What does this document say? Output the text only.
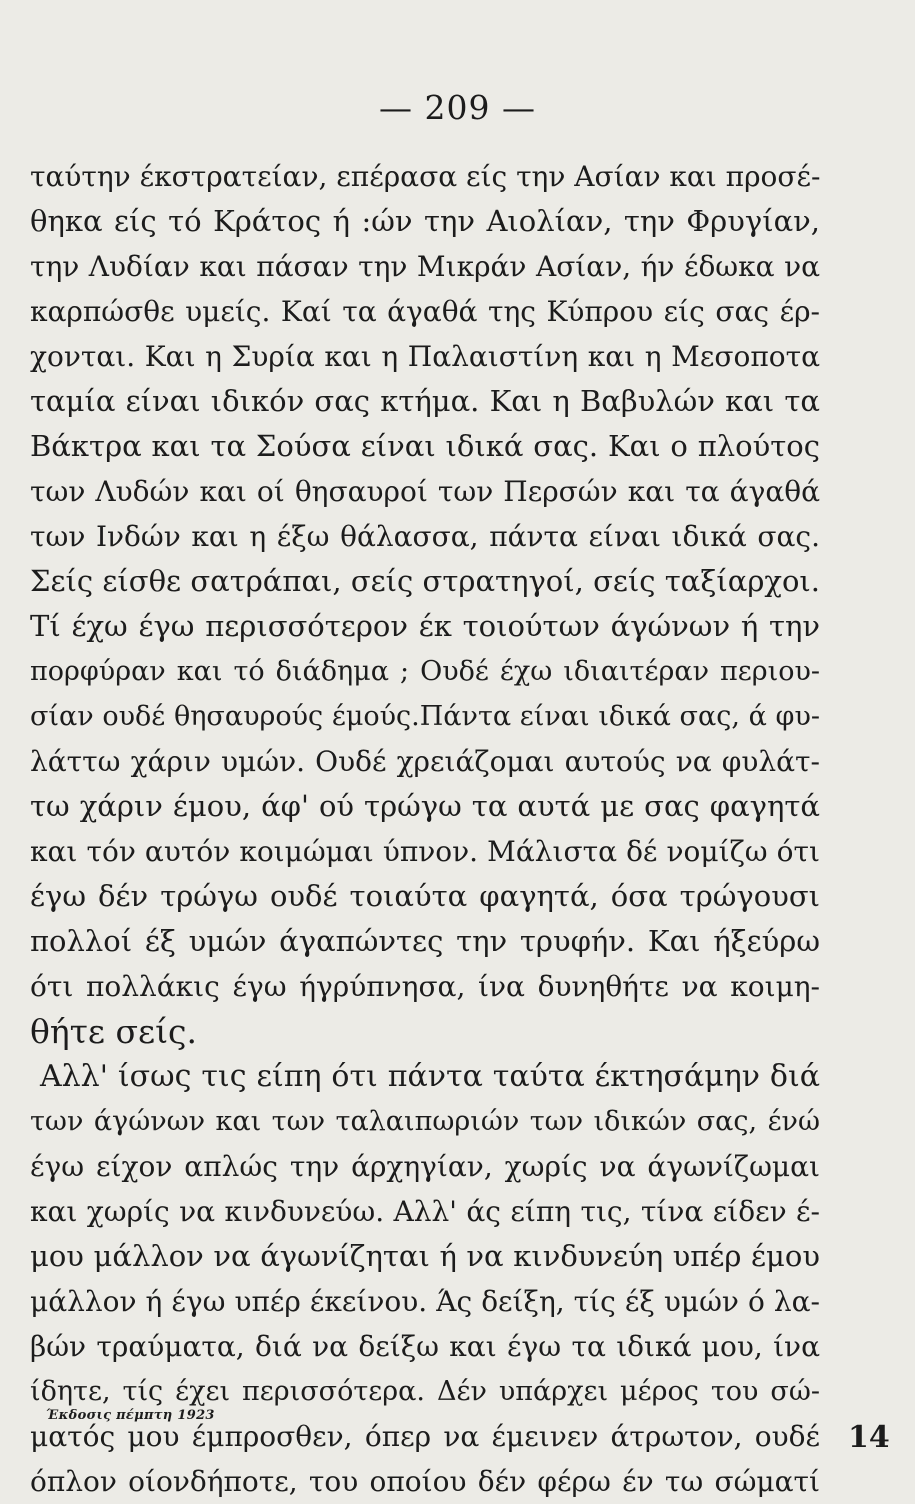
— 209 —
ταύτην έκστρατείαν, επέρασα είς την Ασίαν και προσέ-
θηκα είς τό Κράτος ή :ών την Αιολίαν, την Φρυγίαν,
την Λυδίαν και πάσαν την Μικράν Ασίαν, ήν έδωκα να
καρπώσθε υμείς. Καί τα άγαθά της Κύπρου είς σας έρ-
χονται. Και η Συρία και η Παλαιστίνη και η Μεσοποτα
ταμία είναι ιδικόν σας κτήμα. Και η Βαβυλών και τα
Βάκτρα και τα Σούσα είναι ιδικά σας. Και ο πλούτος
των Λυδών και οί θησαυροί των Περσών και τα άγαθά
των Ινδών και η έξω θάλασσα, πάντα είναι ιδικά σας.
Σείς είσθε σατράπαι, σείς στρατηγοί, σείς ταξίαρχοι.
Τί έχω έγω περισσότερον έκ τοιούτων άγώνων ή την
πορφύραν και τό διάδημα ; Ουδέ έχω ιδιαιτέραν περιου-
σίαν ουδέ θησαυρούς έμούς.Πάντα είναι ιδικά σας, ά φυ-
λάττω χάριν υμών. Ουδέ χρειάζομαι αυτούς να φυλάτ-
τω χάριν έμου, άφ' ού τρώγω τα αυτά με σας φαγητά
και τόν αυτόν κοιμώμαι ύπνον. Μάλιστα δέ νομίζω ότι
έγω δέν τρώγω ουδέ τοιαύτα φαγητά, όσα τρώγουσι
πολλοί έξ υμών άγαπώντες την τρυφήν. Και ήξεύρω
ότι πολλάκις έγω ήγρύπνησα, ίνα δυνηθήτε να κοιμη-
θήτε σείς.
Αλλ' ίσως τις είπη ότι πάντα ταύτα έκτησάμην διά
των άγώνων και των ταλαιπωριών των ιδικών σας, ένώ
έγω είχον απλώς την άρχηγίαν, χωρίς να άγωνίζωμαι
και χωρίς να κινδυνεύω. Αλλ' άς είπη τις, τίνα είδεν έ-
μου μάλλον να άγωνίζηται ή να κινδυνεύη υπέρ έμου
μάλλον ή έγω υπέρ έκείνου. Άς δείξη, τίς έξ υμών ό λα-
βών τραύματα, διά να δείξω και έγω τα ιδικά μου, ίνα
ίδητε, τίς έχει περισσότερα. Δέν υπάρχει μέρος του σώ-
ματός μου έμπροσθεν, όπερ να έμεινεν άτρωτον, ουδέ
όπλον οίονδήποτε, του οποίου δέν φέρω έν τω σώματί
Έκδοσις πέμπτη 1923
14
